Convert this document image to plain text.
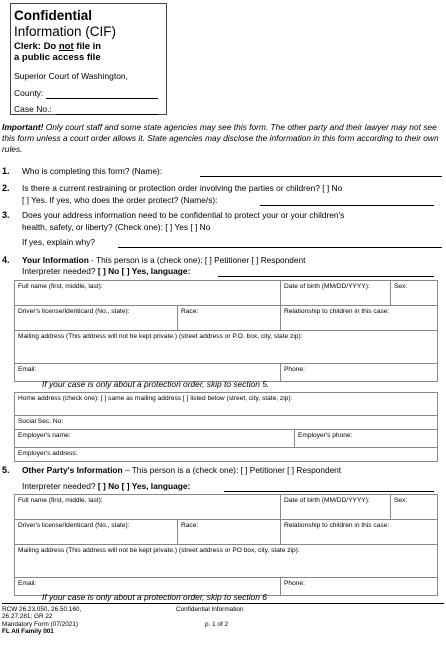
Confidential
Information (CIF)
Clerk: Do not file in
a public access file
Superior Court of Washington,
County:
Case No.:
Important! Only court staff and some state agencies may see this form. The other party and their lawyer may not see this form unless a court order allows it. State agencies may disclose the information in this form according to their own rules.
1. Who is completing this form? (Name):
2. Is there a current restraining or protection order involving the parties or children? [ ] No
[ ] Yes. If yes, who does the order protect? (Name/s):
3. Does your address information need to be confidential to protect your or your children's
health, safety, or liberty? (Check one): [ ] Yes [ ] No
If yes, explain why?
4. Your Information - This person is a (check one): [ ] Petitioner [ ] Respondent
Interpreter needed? [ ] No [ ] Yes, language:
Full name (first, middle, last):		Date of birth (MM/DD/YYYY):	Sex:
Driver's license/Identicard (No., state):	Race:	Relationship to children in this case:	
Mailing address (This address will not be kept private.) (street address or P.O. box, city, state zip):			
Email:		Phone:	
If your case is only about a protection order, skip to section 5.
Home address (check one): [ ] same as mailing address [ ] listed below (street, city, state, zip):
Social Sec. No:
Employer's name:	Employer's phone:
Employer's address:
5. Other Party's Information – This person is a (check one): [ ] Petitioner [ ] Respondent
Interpreter needed? [ ] No [ ] Yes, language:
Full name (first, middle, last):		Date of birth (MM/DD/YYYY):	Sex:
Driver's license/Identicard (No., state):	Race:	Relationship to children in this case:	
Mailing address (This address will not be kept private.) (street address or PO box, city, state zip):			
Email:		Phone:	
If your case is only about a protection order, skip to section 6
RCW 26.23.050, 26.50.160,
26.27.281; GR 22
Mandatory Form (07/2021)
FL All Family 001
Confidential Information
p. 1 of 2
